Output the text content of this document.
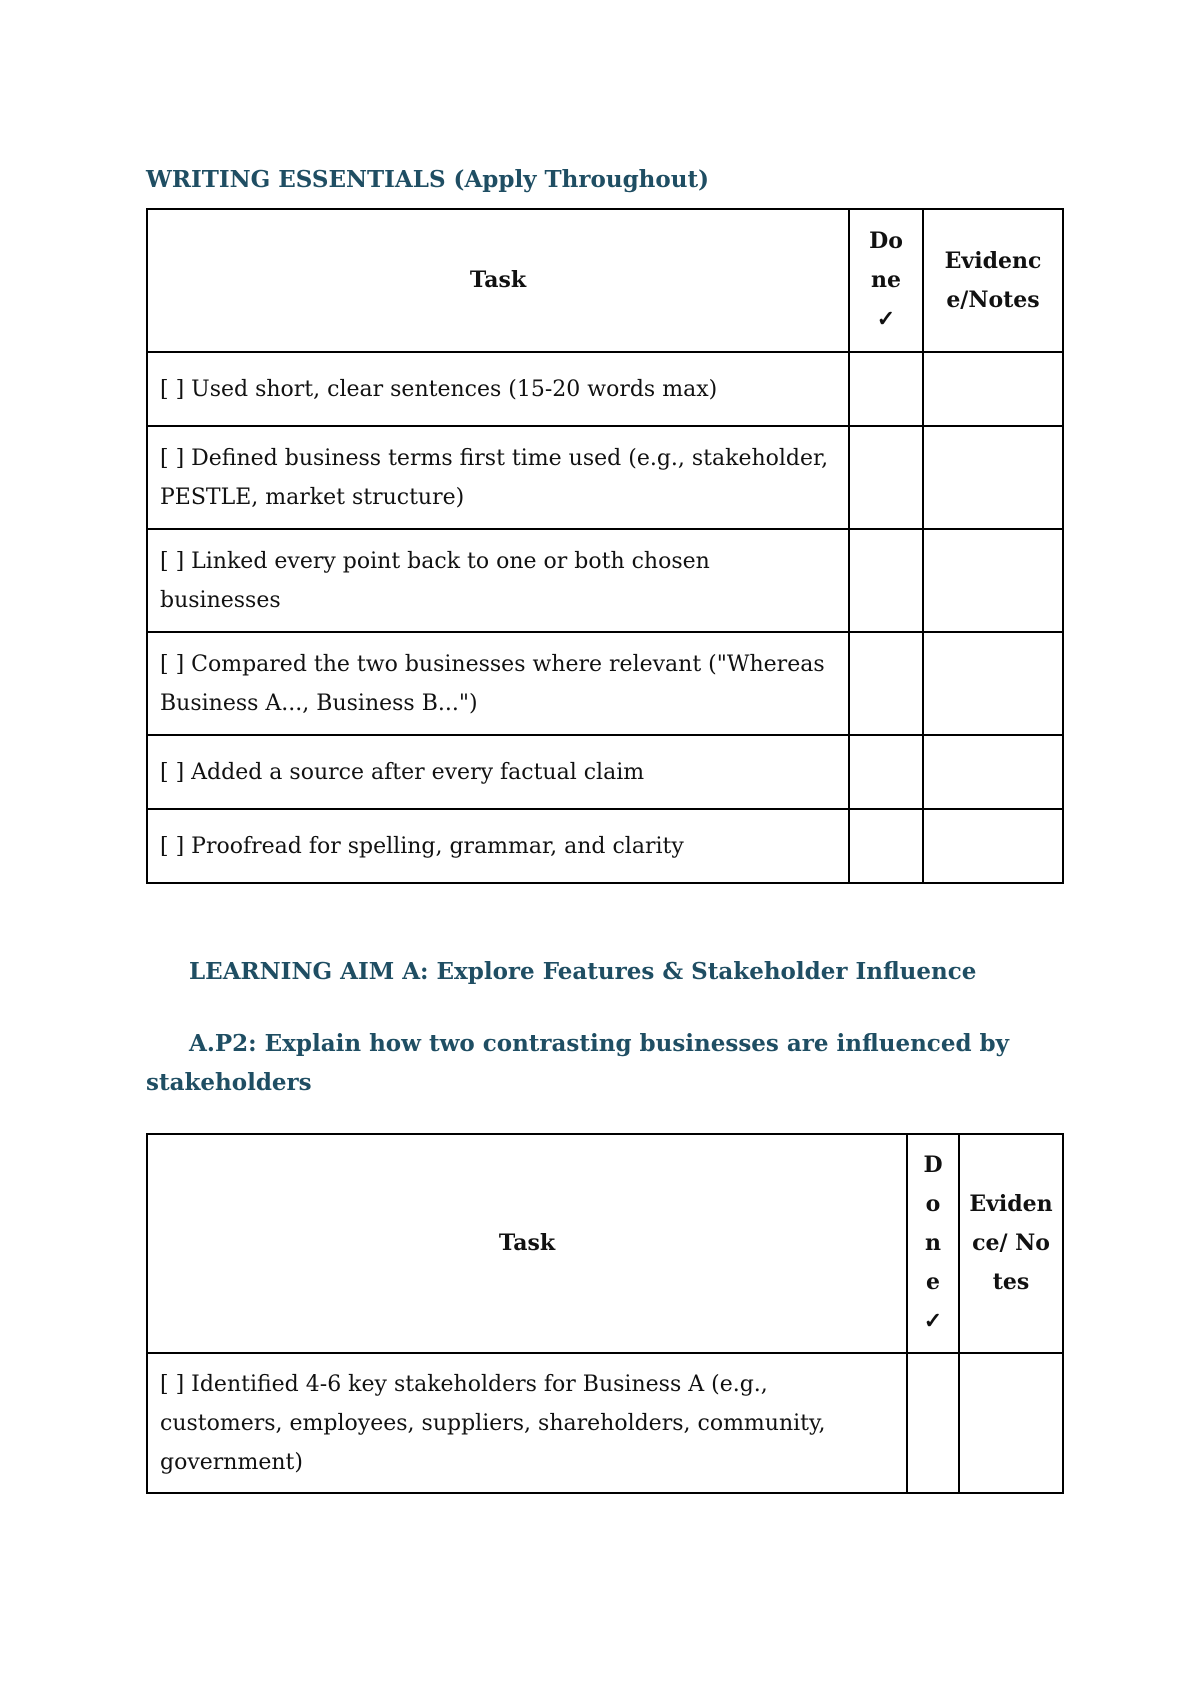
WRITING ESSENTIALS (Apply Throughout)
Task	Done ✓	Evidence/Notes
[ ] Used short, clear sentences (15-20 words max)		
[ ] Defined business terms first time used (e.g., stakeholder, PESTLE, market structure)		
[ ] Linked every point back to one or both chosen businesses		
[ ] Compared the two businesses where relevant ("Whereas Business A..., Business B...")		
[ ] Added a source after every factual claim		
[ ] Proofread for spelling, grammar, and clarity		
LEARNING AIM A: Explore Features & Stakeholder Influence
A.P2: Explain how two contrasting businesses are influenced by stakeholders
Task	Done ✓	Evidence/ Notes
[ ] Identified 4-6 key stakeholders for Business A (e.g., customers, employees, suppliers, shareholders, community, government)		
